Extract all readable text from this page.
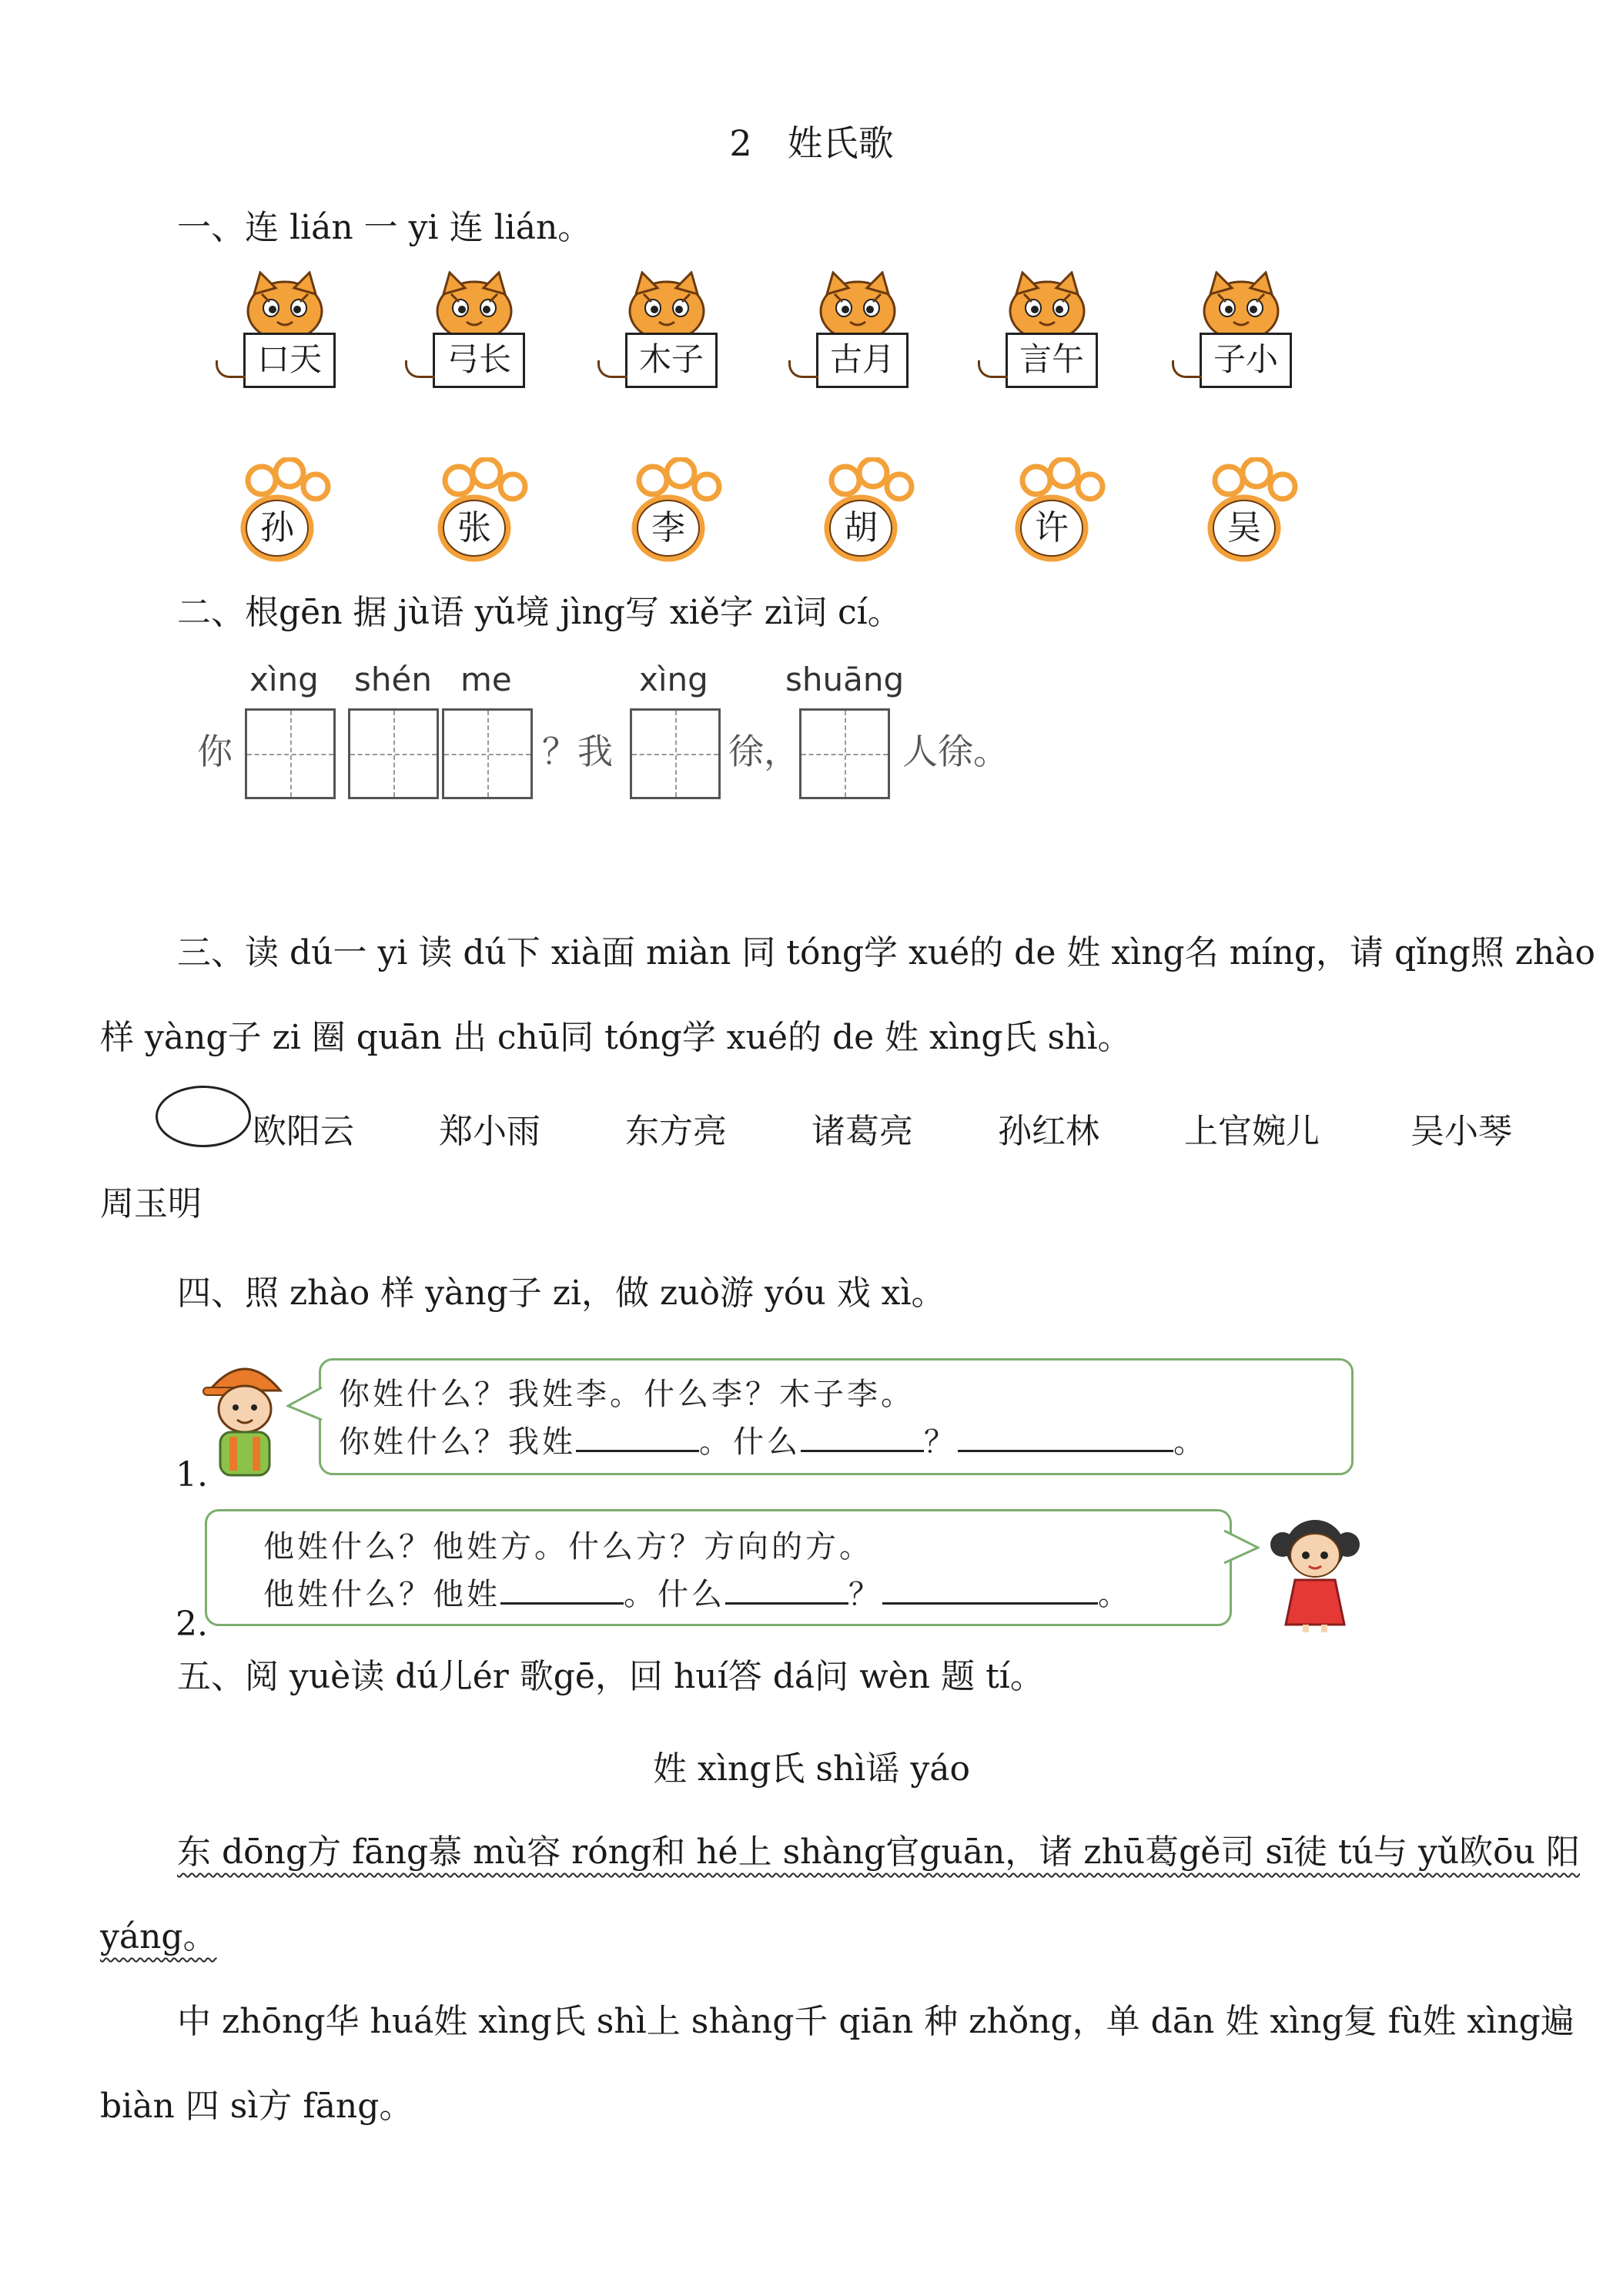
2　姓氏歌
一、连 lián 一 yi 连 lián。
口天	弓长	木子	古月	言午	子小
孙	张	李	胡	许	吴
二、根gēn 据 jù语 yǔ境 jìng写 xiě字 zì词 cí。
xìng shén me	xìng shuāng
你	？我	徐，	人徐。
三、读 dú一 yi 读 dú下 xià面 miàn 同 tóng学 xué的 de 姓 xìng名 míng，请 qǐng照 zhào
样 yàng子 zi 圈 quān 出 chū同 tóng学 xué的 de 姓 xìng氏 shì。
欧阳云	郑小雨	东方亮	诸葛亮	孙红林	上官婉儿	吴小琴
周玉明
四、照 zhào 样 yàng子 zi，做 zuò游 yóu 戏 xì。
1.
你姓什么？我姓李。什么李？木子李。
你姓什么？我姓	。什么	？	。
他姓什么？他姓方。什么方？方向的方。
他姓什么？他姓	。什么	？	。
2.
五、阅 yuè读 dú儿ér 歌gē，回 huí答 dá问 wèn 题 tí。
姓 xìng氏 shì谣 yáo
东 dōng方 fāng慕 mù容 róng和 hé上 shàng官guān，诸 zhū葛gě司 sī徒 tú与 yǔ欧ōu 阳
yáng。
中 zhōng华 huá姓 xìng氏 shì上 shàng千 qiān 种 zhǒng，单 dān 姓 xìng复 fù姓 xìng遍
biàn 四 sì方 fāng。
